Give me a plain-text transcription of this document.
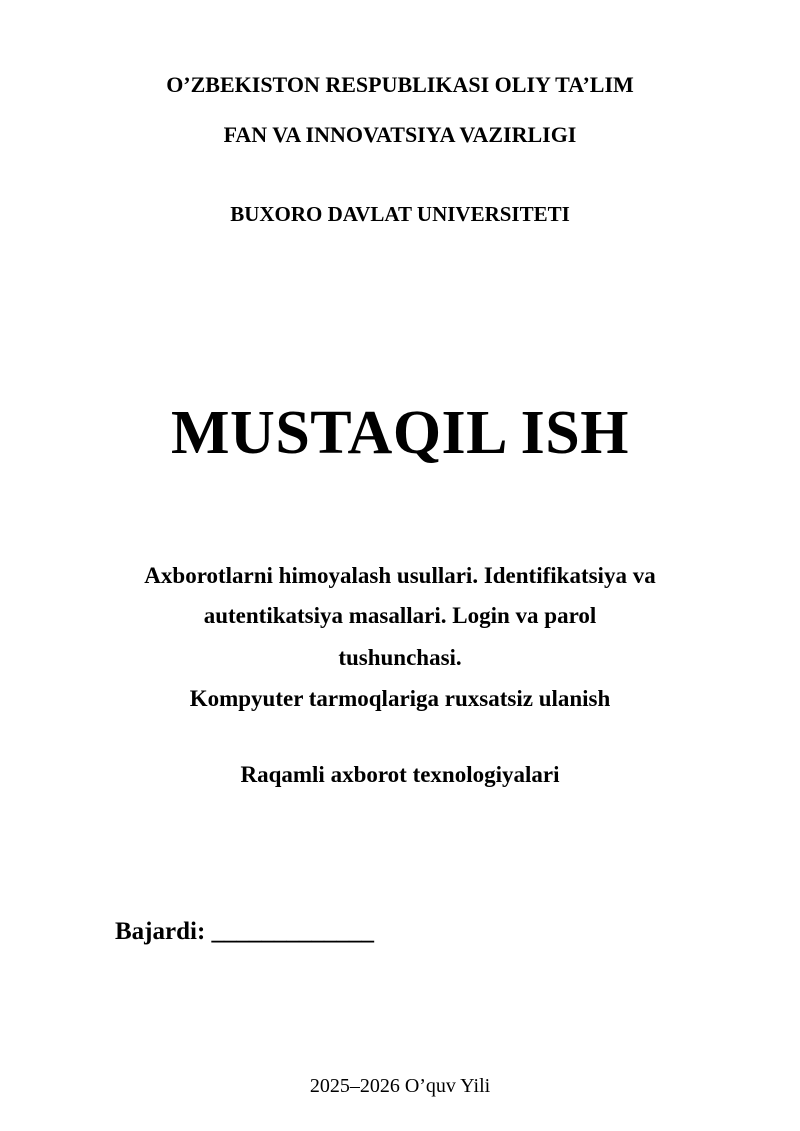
O’ZBEKISTON RESPUBLIKASI OLIY TA’LIM

FAN VA INNOVATSIYA VAZIRLIGI

BUXORO DAVLAT UNIVERSITETI

MUSTAQIL ISH

Axborotlarni himoyalash usullari. Identifikatsiya va

autentikatsiya masallari. Login va parol

tushunchasi.

Kompyuter tarmoqlariga ruxsatsiz ulanish

Raqamli axborot texnologiyalari

Bajardi: _____________

2025–2026 O’quv Yili
